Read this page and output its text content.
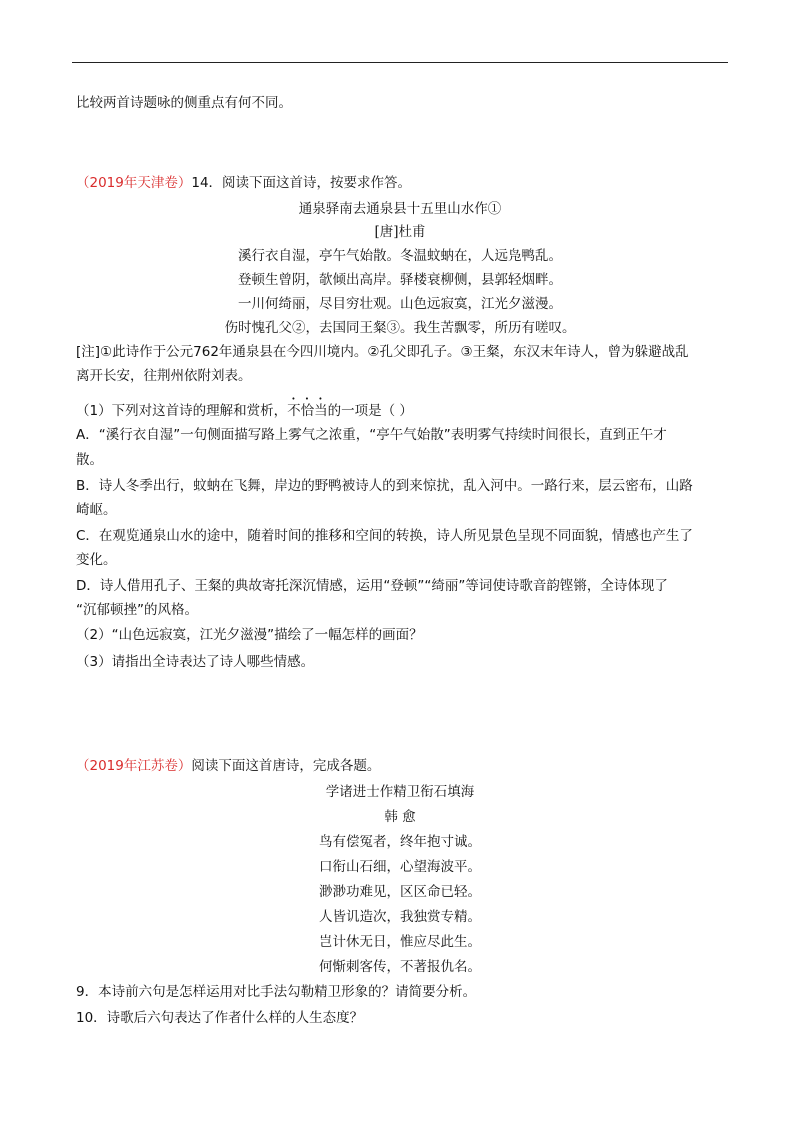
比较两首诗题咏的侧重点有何不同。
（2019年天津卷）14．阅读下面这首诗，按要求作答。
通泉驿南去通泉县十五里山水作①
[唐]杜甫
溪行衣自湿，亭午气始散。冬温蚊蚋在，人远凫鸭乱。
登顿生曾阴，欹倾出高岸。驿楼衰柳侧，县郭轻烟畔。
一川何绮丽，尽目穷壮观。山色远寂寞，江光夕滋漫。
伤时愧孔父②，去国同王粲③。我生苦飘零，所历有嗟叹。
[注]①此诗作于公元762年通泉县在今四川境内。②孔父即孔子。③王粲，东汉末年诗人，曾为躲避战乱
离开长安，往荆州依附刘表。
（1）下列对这首诗的理解和赏析，不恰当的一项是（ ）
A．“溪行衣自湿”一句侧面描写路上雾气之浓重，“亭午气始散”表明雾气持续时间很长，直到正午才
散。
B．诗人冬季出行，蚊蚋在飞舞，岸边的野鸭被诗人的到来惊扰，乱入河中。一路行来，层云密布，山路
崎岖。
C．在观览通泉山水的途中，随着时间的推移和空间的转换，诗人所见景色呈现不同面貌，情感也产生了
变化。
D．诗人借用孔子、王粲的典故寄托深沉情感，运用“登顿”“绮丽”等词使诗歌音韵铿锵，全诗体现了
“沉郁顿挫”的风格。
（2）“山色远寂寞，江光夕滋漫”描绘了一幅怎样的画面？
（3）请指出全诗表达了诗人哪些情感。
（2019年江苏卷）阅读下面这首唐诗，完成各题。
学诸进士作精卫衔石填海
韩 愈
鸟有偿冤者，终年抱寸诚。
口衔山石细，心望海波平。
渺渺功难见，区区命已轻。
人皆讥造次，我独赏专精。
岂计休无日，惟应尽此生。
何惭刺客传，不著报仇名。
9．本诗前六句是怎样运用对比手法勾勒精卫形象的？请简要分析。
10．诗歌后六句表达了作者什么样的人生态度？
